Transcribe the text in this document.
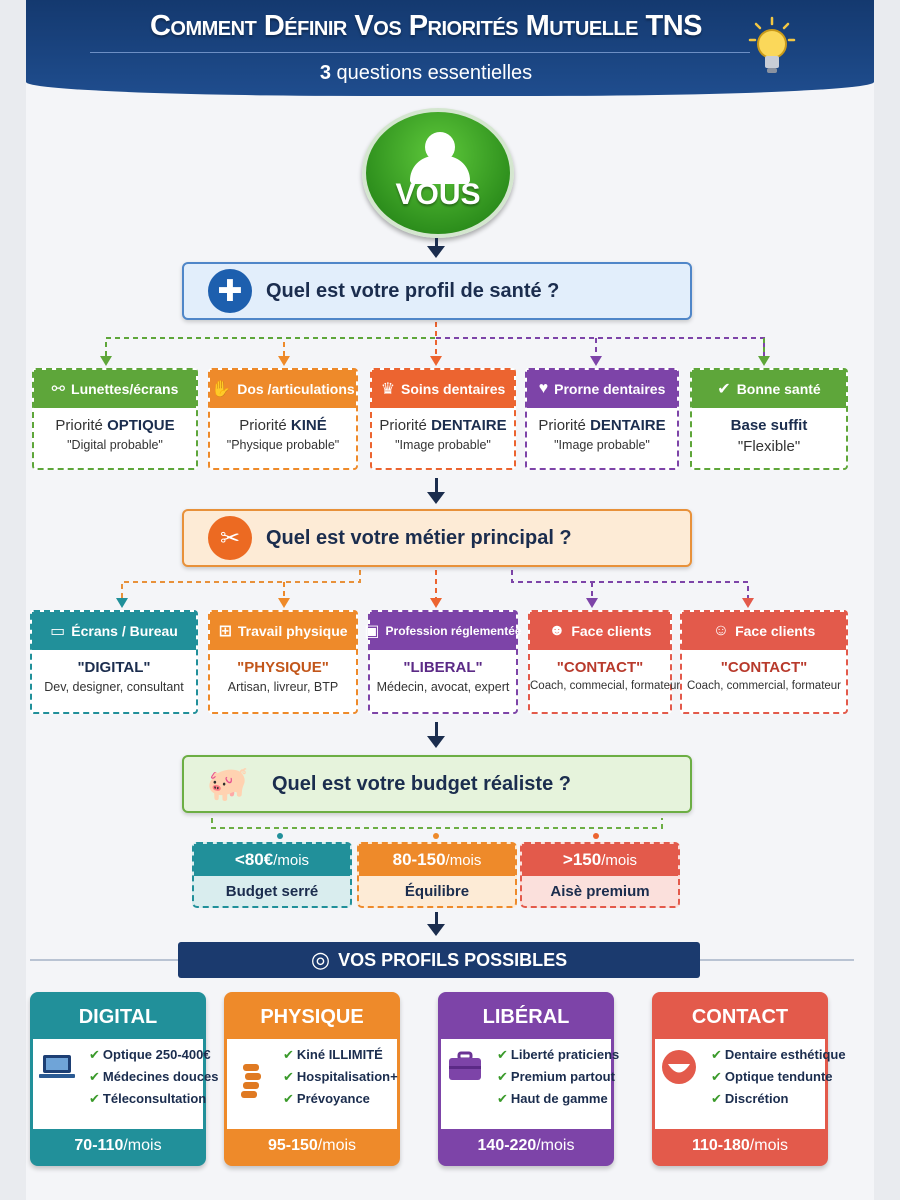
Comment Définir Vos Priorités Mutuelle TNS
3 questions essentielles
VOUS
✚	Quel est votre profil de santé ?
⚯ Lunettes/écrans
Priorité OPTIQUE
"Digital probable"
✋ Dos /articulations
Priorité KINÉ
"Physique probable"
♛ Soins dentaires
Priorité DENTAIRE
"Image probable"
♥ Prorne dentaires
Priorité DENTAIRE
"Image probable"
✔ Bonne santé
Base suffit
"Flexible"
✂	Quel est votre métier principal ?
▭ Écrans / Bureau
"DIGITAL"
Dev, designer, consultant
⊞ Travail physique
"PHYSIQUE"
Artisan, livreur, BTP
▣ Profession réglementée
"LIBERAL"
Médecin, avocat, expert
☻ Face clients
"CONTACT"
Coach, commecial, formateur
☺ Face clients
"CONTACT"
Coach, commercial, formateur
🐖	Quel est votre budget réaliste ?
<80€ /mois
Budget serré
80-150 /mois
Équilibre
>150 /mois
Aisè premium
◎ VOS PROFILS POSSIBLES
DIGITAL
✔ Optique 250-400€
✔ Médecines douces
✔ Téleconsultation
70-110 /mois
PHYSIQUE
✔ Kiné ILLIMITÉ
✔ Hospitalisation+
✔ Prévoyance
95-150 /mois
LIBÉRAL
✔ Liberté praticiens
✔ Premium partout
✔ Haut de gamme
140-220 /mois
CONTACT
✔ Dentaire esthétique
✔ Optique tendunte
✔ Discrétion
110-180 /mois
